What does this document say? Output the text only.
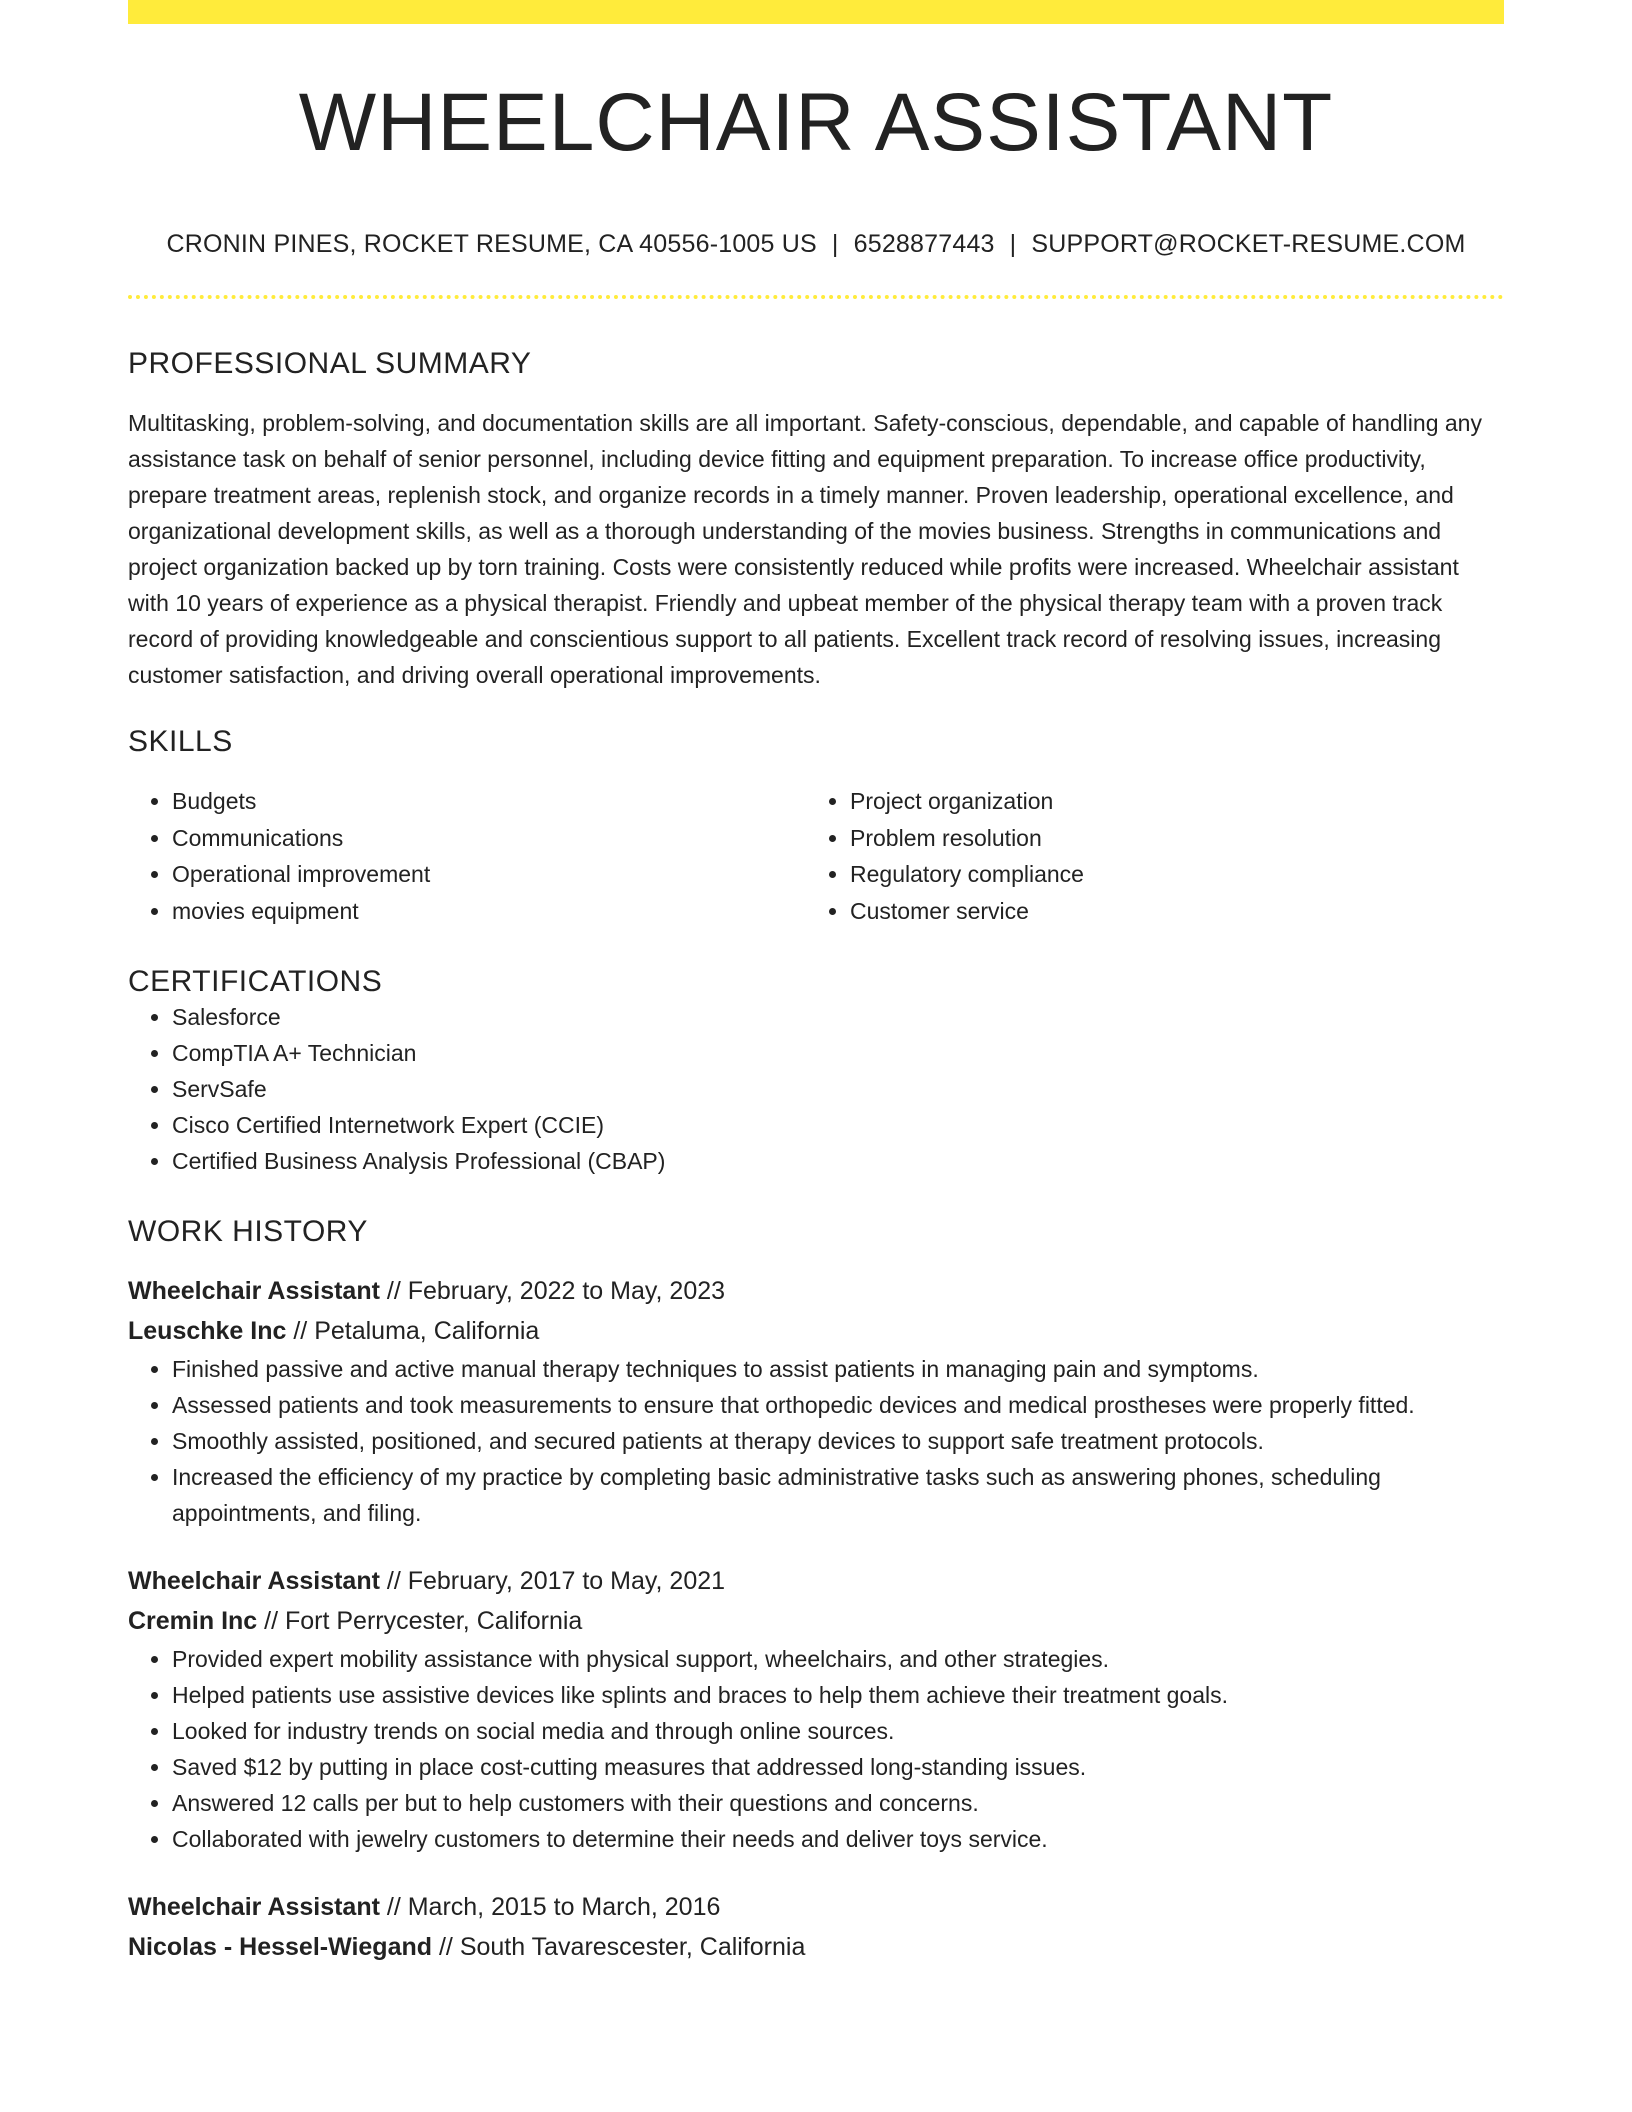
WHEELCHAIR ASSISTANT
CRONIN PINES, ROCKET RESUME, CA 40556-1005 US | 6528877443 | SUPPORT@ROCKET-RESUME.COM
PROFESSIONAL SUMMARY

Multitasking, problem-solving, and documentation skills are all important. Safety-conscious, dependable, and capable of handling any assistance task on behalf of senior personnel, including device fitting and equipment preparation. To increase office productivity, prepare treatment areas, replenish stock, and organize records in a timely manner. Proven leadership, operational excellence, and organizational development skills, as well as a thorough understanding of the movies business. Strengths in communications and project organization backed up by torn training. Costs were consistently reduced while profits were increased. Wheelchair assistant with 10 years of experience as a physical therapist. Friendly and upbeat member of the physical therapy team with a proven track record of providing knowledgeable and conscientious support to all patients. Excellent track record of resolving issues, increasing customer satisfaction, and driving overall operational improvements.

SKILLS
• Budgets
• Communications
• Operational improvement
• movies equipment
• Project organization
• Problem resolution
• Regulatory compliance
• Customer service
CERTIFICATIONS
• Salesforce
• CompTIA A+ Technician
• ServSafe
• Cisco Certified Internetwork Expert (CCIE)
• Certified Business Analysis Professional (CBAP)
WORK HISTORY
Wheelchair Assistant // February, 2022 to May, 2023
Leuschke Inc // Petaluma, California
• Finished passive and active manual therapy techniques to assist patients in managing pain and symptoms.
• Assessed patients and took measurements to ensure that orthopedic devices and medical prostheses were properly fitted.
• Smoothly assisted, positioned, and secured patients at therapy devices to support safe treatment protocols.
• Increased the efficiency of my practice by completing basic administrative tasks such as answering phones, scheduling appointments, and filing.
Wheelchair Assistant // February, 2017 to May, 2021
Cremin Inc // Fort Perrycester, California
• Provided expert mobility assistance with physical support, wheelchairs, and other strategies.
• Helped patients use assistive devices like splints and braces to help them achieve their treatment goals.
• Looked for industry trends on social media and through online sources.
• Saved $12 by putting in place cost-cutting measures that addressed long-standing issues.
• Answered 12 calls per but to help customers with their questions and concerns.
• Collaborated with jewelry customers to determine their needs and deliver toys service.
Wheelchair Assistant // March, 2015 to March, 2016
Nicolas - Hessel-Wiegand // South Tavarescester, California
